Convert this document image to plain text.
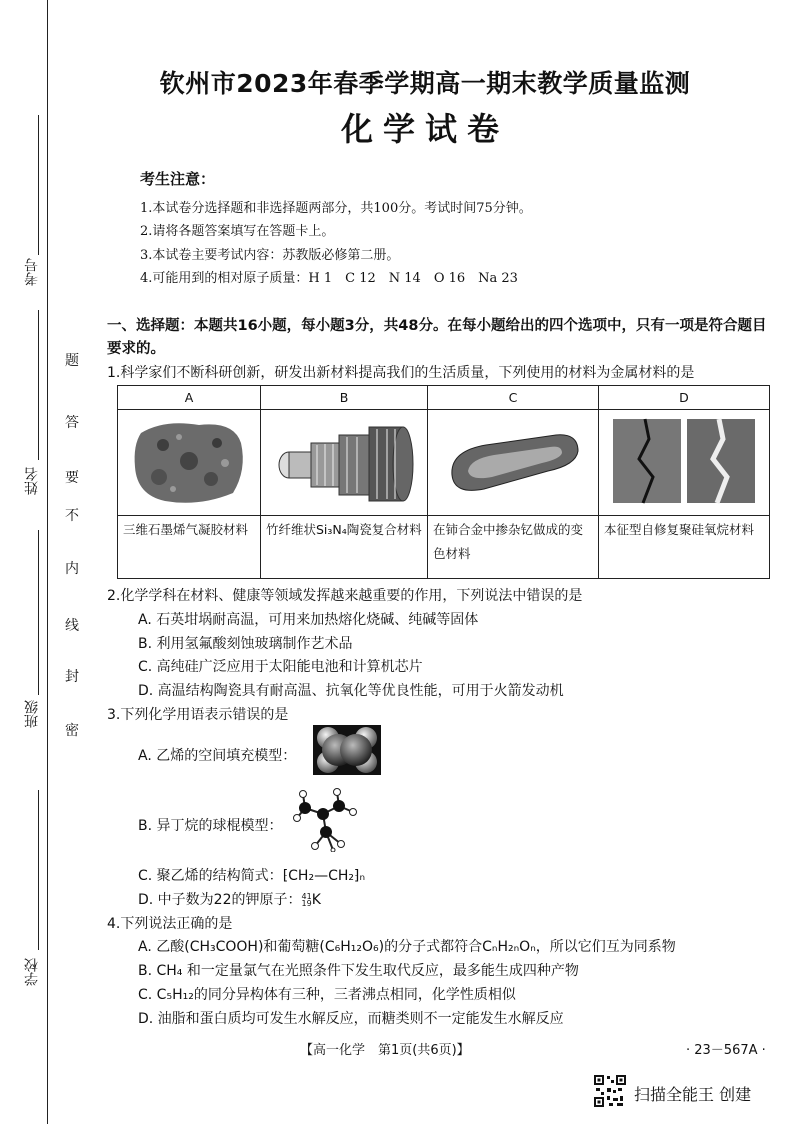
考号
姓名
班级
学校
题
答
要
不
内
线
封
密
钦州市2023年春季学期高一期末教学质量监测
化学试卷
考生注意：
1.本试卷分选择题和非选择题两部分，共100分。考试时间75分钟。
2.请将各题答案填写在答题卡上。
3.本试卷主要考试内容：苏教版必修第二册。
4.可能用到的相对原子质量：H 1　C 12　N 14　O 16　Na 23
一、选择题：本题共16小题，每小题3分，共48分。在每小题给出的四个选项中，只有一项是符合题目要求的。
1.科学家们不断科研创新，研发出新材料提高我们的生活质量，下列使用的材料为金属材料的是
A	B	C	D

三维石墨烯气凝胶材料	竹纤维状Si₃N₄陶瓷复合材料	在铈合金中掺杂钇做成的变色材料	本征型自修复聚硅氧烷材料
2.化学学科在材料、健康等领域发挥越来越重要的作用，下列说法中错误的是
A. 石英坩埚耐高温，可用来加热熔化烧碱、纯碱等固体
B. 利用氢氟酸刻蚀玻璃制作艺术品
C. 高纯硅广泛应用于太阳能电池和计算机芯片
D. 高温结构陶瓷具有耐高温、抗氧化等优良性能，可用于火箭发动机
3.下列化学用语表示错误的是
A. 乙烯的空间填充模型：
B. 异丁烷的球棍模型：
C. 聚乙烯的结构简式：⁅CH₂—CH₂⁆ₙ
D. 中子数为22的钾原子：41
19K
4.下列说法正确的是
A. 乙酸(CH₃COOH)和葡萄糖(C₆H₁₂O₆)的分子式都符合CₙH₂ₙOₙ，所以它们互为同系物
B. CH₄ 和一定量氯气在光照条件下发生取代反应，最多能生成四种产物
C. C₅H₁₂的同分异构体有三种，三者沸点相同，化学性质相似
D. 油脂和蛋白质均可发生水解反应，而糖类则不一定能发生水解反应
【高一化学　第1页(共6页)】	· 23－567A ·
扫描全能王 创建
